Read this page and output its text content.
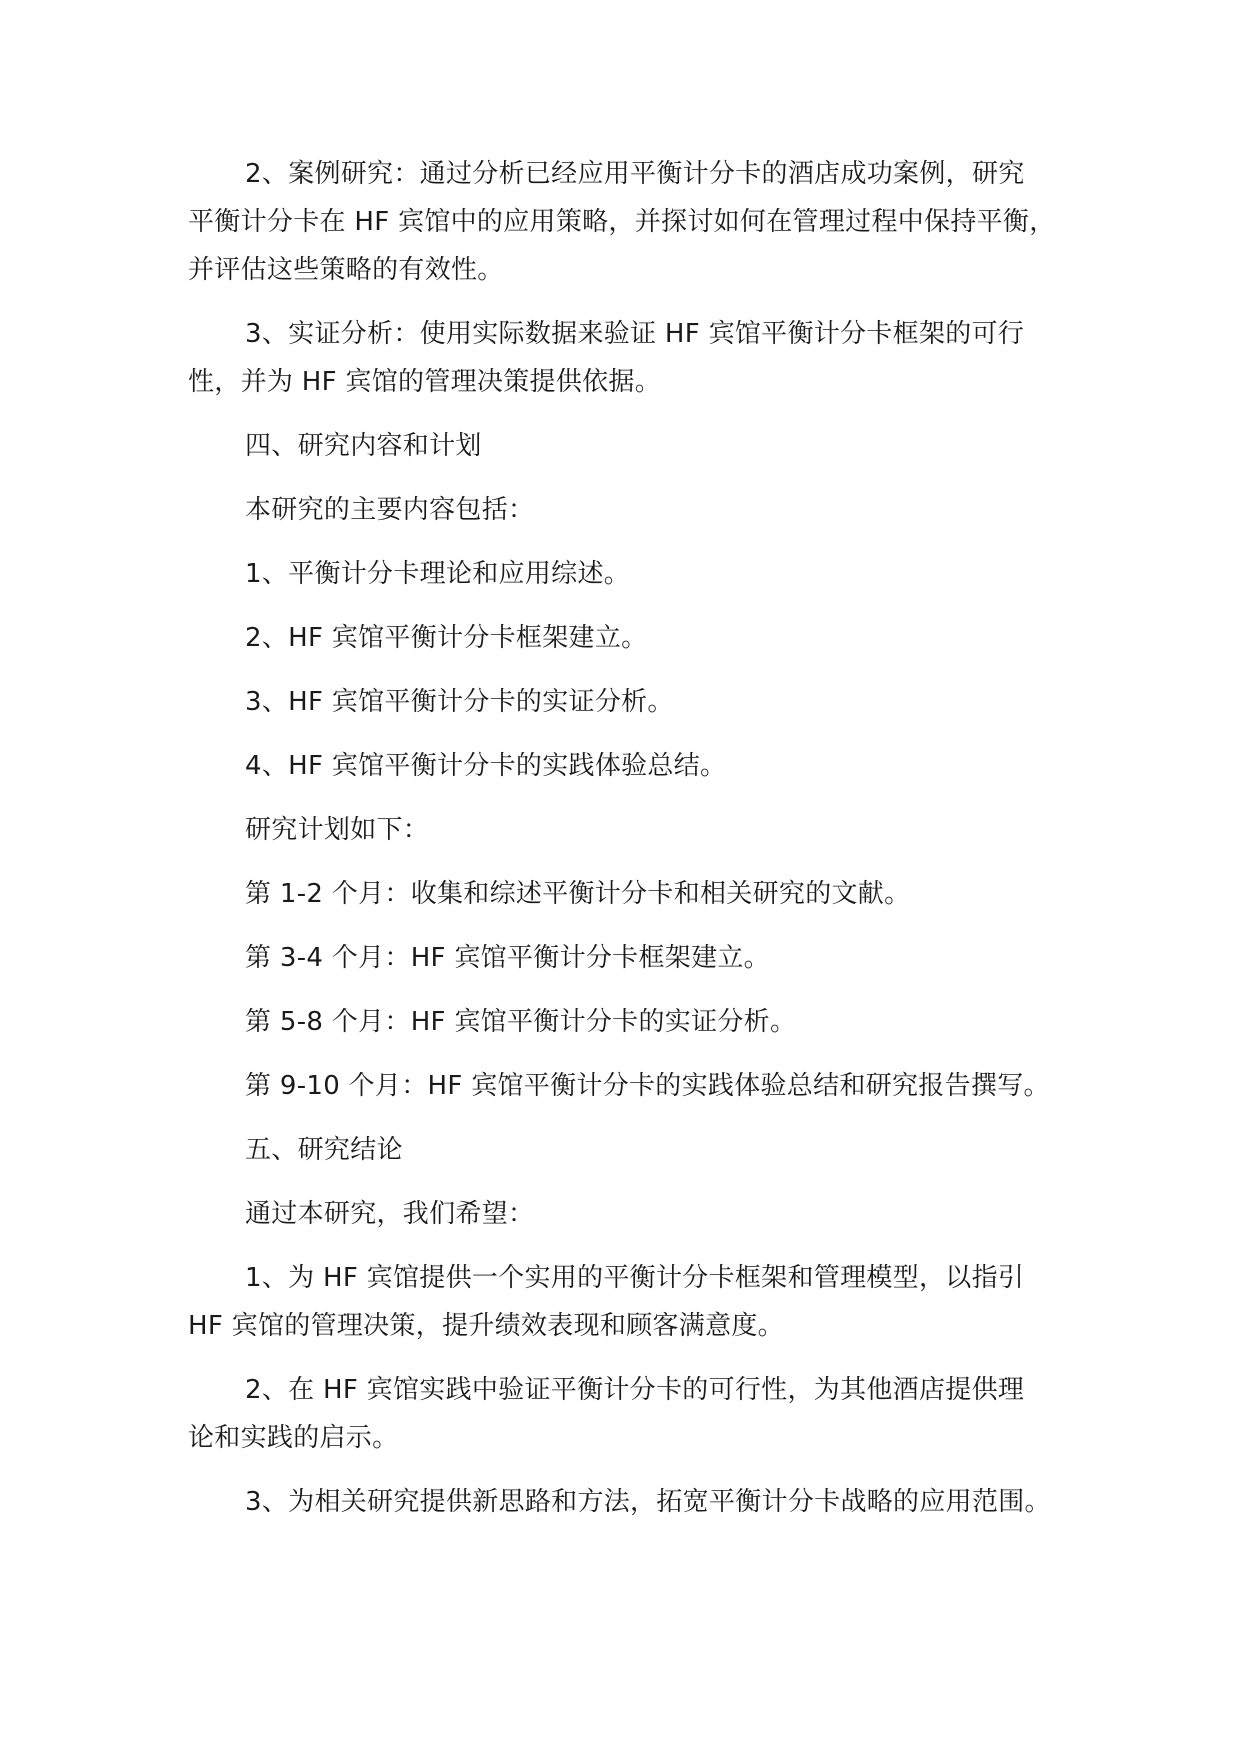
2、案例研究：通过分析已经应用平衡计分卡的酒店成功案例，研究
平衡计分卡在 HF 宾馆中的应用策略，并探讨如何在管理过程中保持平衡，
并评估这些策略的有效性。

3、实证分析：使用实际数据来验证 HF 宾馆平衡计分卡框架的可行
性，并为 HF 宾馆的管理决策提供依据。

四、研究内容和计划

本研究的主要内容包括：

1、平衡计分卡理论和应用综述。

2、HF 宾馆平衡计分卡框架建立。

3、HF 宾馆平衡计分卡的实证分析。

4、HF 宾馆平衡计分卡的实践体验总结。

研究计划如下：

第 1-2 个月：收集和综述平衡计分卡和相关研究的文献。

第 3-4 个月：HF 宾馆平衡计分卡框架建立。

第 5-8 个月：HF 宾馆平衡计分卡的实证分析。

第 9-10 个月：HF 宾馆平衡计分卡的实践体验总结和研究报告撰写。

五、研究结论

通过本研究，我们希望：

1、为 HF 宾馆提供一个实用的平衡计分卡框架和管理模型，以指引
HF 宾馆的管理决策，提升绩效表现和顾客满意度。

2、在 HF 宾馆实践中验证平衡计分卡的可行性，为其他酒店提供理
论和实践的启示。

3、为相关研究提供新思路和方法，拓宽平衡计分卡战略的应用范围。
